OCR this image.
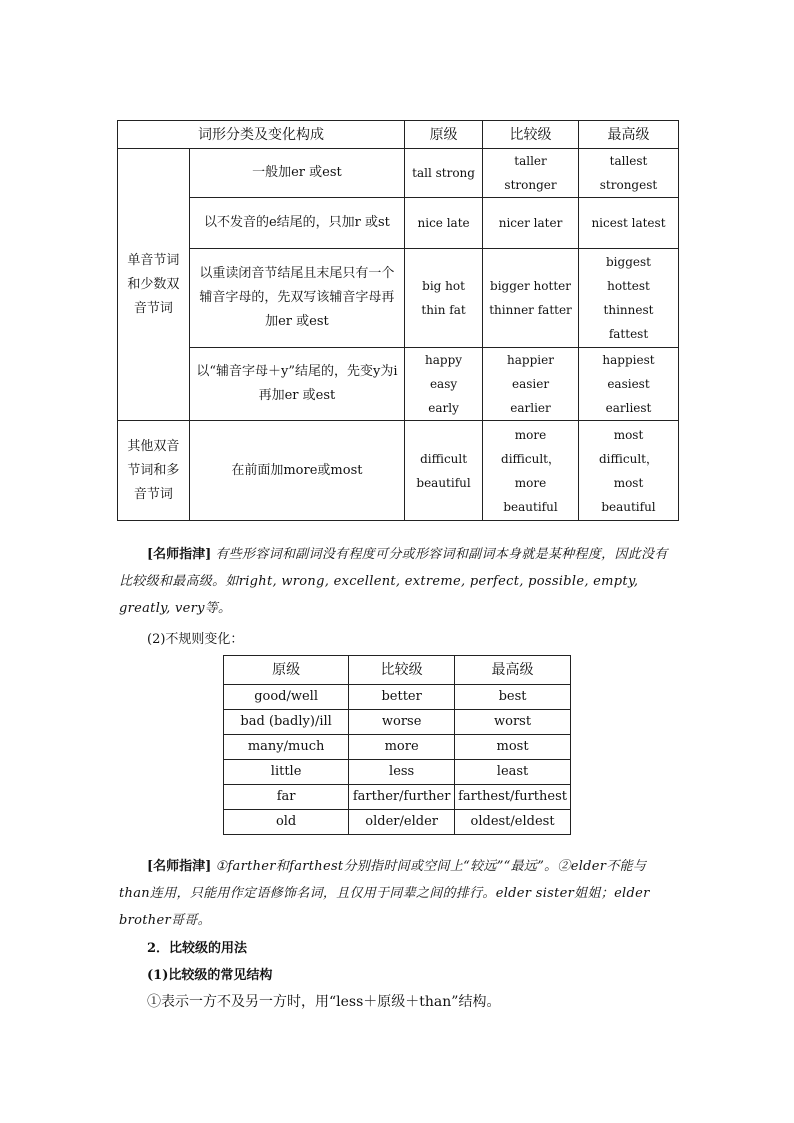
词形分类及变化构成		原级	比较级	最高级
单音节词和少数双音节词	一般加er 或est	tall strong	taller stronger	tallest strongest
	以不发音的e结尾的，只加r 或st	nice late	nicer later	nicest latest
	以重读闭音节结尾且末尾只有一个辅音字母的，先双写该辅音字母再加er 或est	big hot thin fat	bigger hotter thinner fatter	biggest hottest thinnest fattest
	以“辅音字母＋y”结尾的，先变y为i再加er 或est	happy easy early	happier easier earlier	happiest easiest earliest
其他双音节词和多音节词	在前面加more或most	difficult beautiful	more difficult，more beautiful	most difficult，most beautiful
[名师指津] 有些形容词和副词没有程度可分或形容词和副词本身就是某种程度，因此没有比较级和最高级。如right, wrong, excellent, extreme, perfect, possible, empty, greatly, very等。
(2)不规则变化：
原级	比较级	最高级
good/well	better	best
bad (badly)/ill	worse	worst
many/much	more	most
little	less	least
far	farther/further	farthest/furthest
old	older/elder	oldest/eldest
[名师指津] ①farther和farthest分别指时间或空间上“较远”“最远”。②elder不能与than连用，只能用作定语修饰名词，且仅用于同辈之间的排行。elder sister姐姐；elder brother哥哥。
2．比较级的用法
(1)比较级的常见结构
①表示一方不及另一方时，用“less＋原级＋than”结构。
